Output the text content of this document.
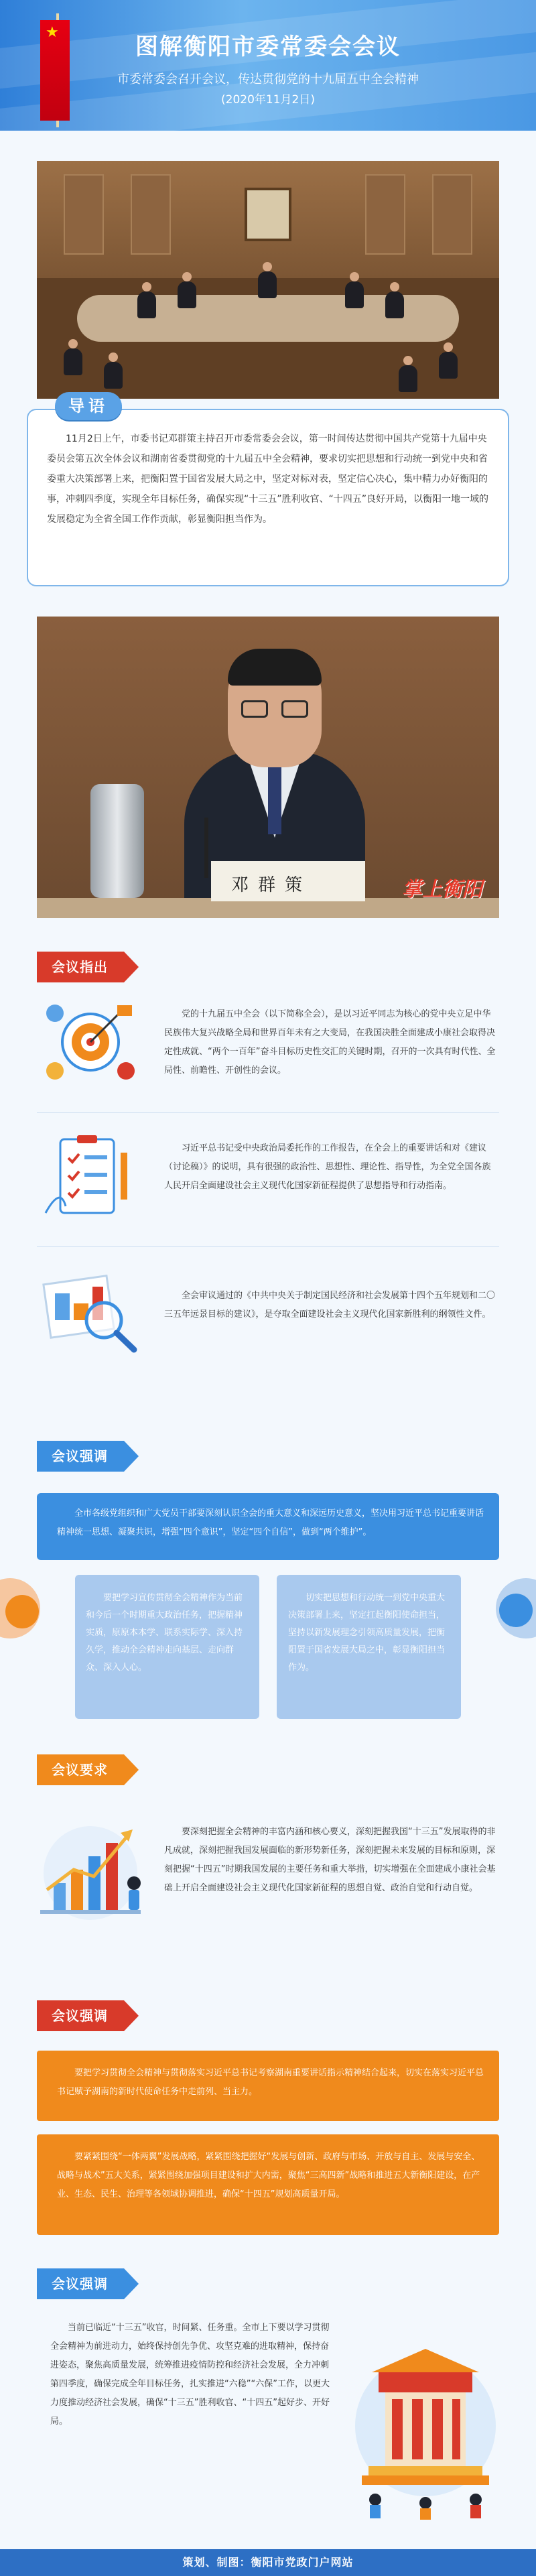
★
图解衡阳市委常委会会议
市委常委会召开会议，传达贯彻党的十九届五中全会精神
(2020年11月2日)
导语
11月2日上午，市委书记邓群策主持召开市委常委会会议，第一时间传达贯彻中国共产党第十九届中央委员会第五次全体会议和湖南省委贯彻党的十九届五中全会精神，要求切实把思想和行动统一到党中央和省委重大决策部署上来，把衡阳置于国省发展大局之中，坚定对标对表，坚定信心决心，集中精力办好衡阳的事，冲刺四季度，实现全年目标任务，确保实现“十三五”胜利收官、“十四五”良好开局，以衡阳一地一域的发展稳定为全省全国工作作贡献，彰显衡阳担当作为。
邓群策	掌上衡阳
会议指出
党的十九届五中全会（以下简称全会），是以习近平同志为核心的党中央立足中华民族伟大复兴战略全局和世界百年未有之大变局，在我国决胜全面建成小康社会取得决定性成就、“两个一百年”奋斗目标历史性交汇的关键时期，召开的一次具有时代性、全局性、前瞻性、开创性的会议。
习近平总书记受中央政治局委托作的工作报告，在全会上的重要讲话和对《建议（讨论稿）》的说明，具有很强的政治性、思想性、理论性、指导性，为全党全国各族人民开启全面建设社会主义现代化国家新征程提供了思想指导和行动指南。
全会审议通过的《中共中央关于制定国民经济和社会发展第十四个五年规划和二〇三五年远景目标的建议》，是夺取全面建设社会主义现代化国家新胜利的纲领性文件。
会议强调
全市各级党组织和广大党员干部要深刻认识全会的重大意义和深远历史意义，坚决用习近平总书记重要讲话精神统一思想、凝聚共识，增强“四个意识”，坚定“四个自信”，做到“两个维护”。
要把学习宣传贯彻全会精神作为当前和今后一个时期重大政治任务，把握精神实质，原原本本学、联系实际学、深入持久学，推动全会精神走向基层、走向群众、深入人心。
切实把思想和行动统一到党中央重大决策部署上来，坚定扛起衡阳使命担当，坚持以新发展理念引领高质量发展，把衡阳置于国省发展大局之中，彰显衡阳担当作为。
会议要求
要深刻把握全会精神的丰富内涵和核心要义，深刻把握我国“十三五”发展取得的非凡成就，深刻把握我国发展面临的新形势新任务，深刻把握未来发展的目标和原则，深刻把握“十四五”时期我国发展的主要任务和重大举措，切实增强在全面建成小康社会基础上开启全面建设社会主义现代化国家新征程的思想自觉、政治自觉和行动自觉。
会议强调
要把学习贯彻全会精神与贯彻落实习近平总书记考察湖南重要讲话指示精神结合起来，切实在落实习近平总书记赋予湖南的新时代使命任务中走前列、当主力。
要紧紧围绕“一体两翼”发展战略，紧紧围绕把握好“发展与创新、政府与市场、开放与自主、发展与安全、战略与战术”五大关系，紧紧围绕加强项目建设和扩大内需，聚焦“三高四新”战略和推进五大新衡阳建设，在产业、生态、民生、治理等各领域协调推进，确保“十四五”规划高质量开局。
会议强调
当前已临近“十三五”收官，时间紧、任务重。全市上下要以学习贯彻全会精神为前进动力，始终保持创先争优、攻坚克难的进取精神，保持奋进姿态，聚焦高质量发展，统筹推进疫情防控和经济社会发展，全力冲刺第四季度，确保完成全年目标任务，扎实推进“六稳”“六保”工作，以更大力度推动经济社会发展，确保“十三五”胜利收官、“十四五”起好步、开好局。
策划、制图：衡阳市党政门户网站
